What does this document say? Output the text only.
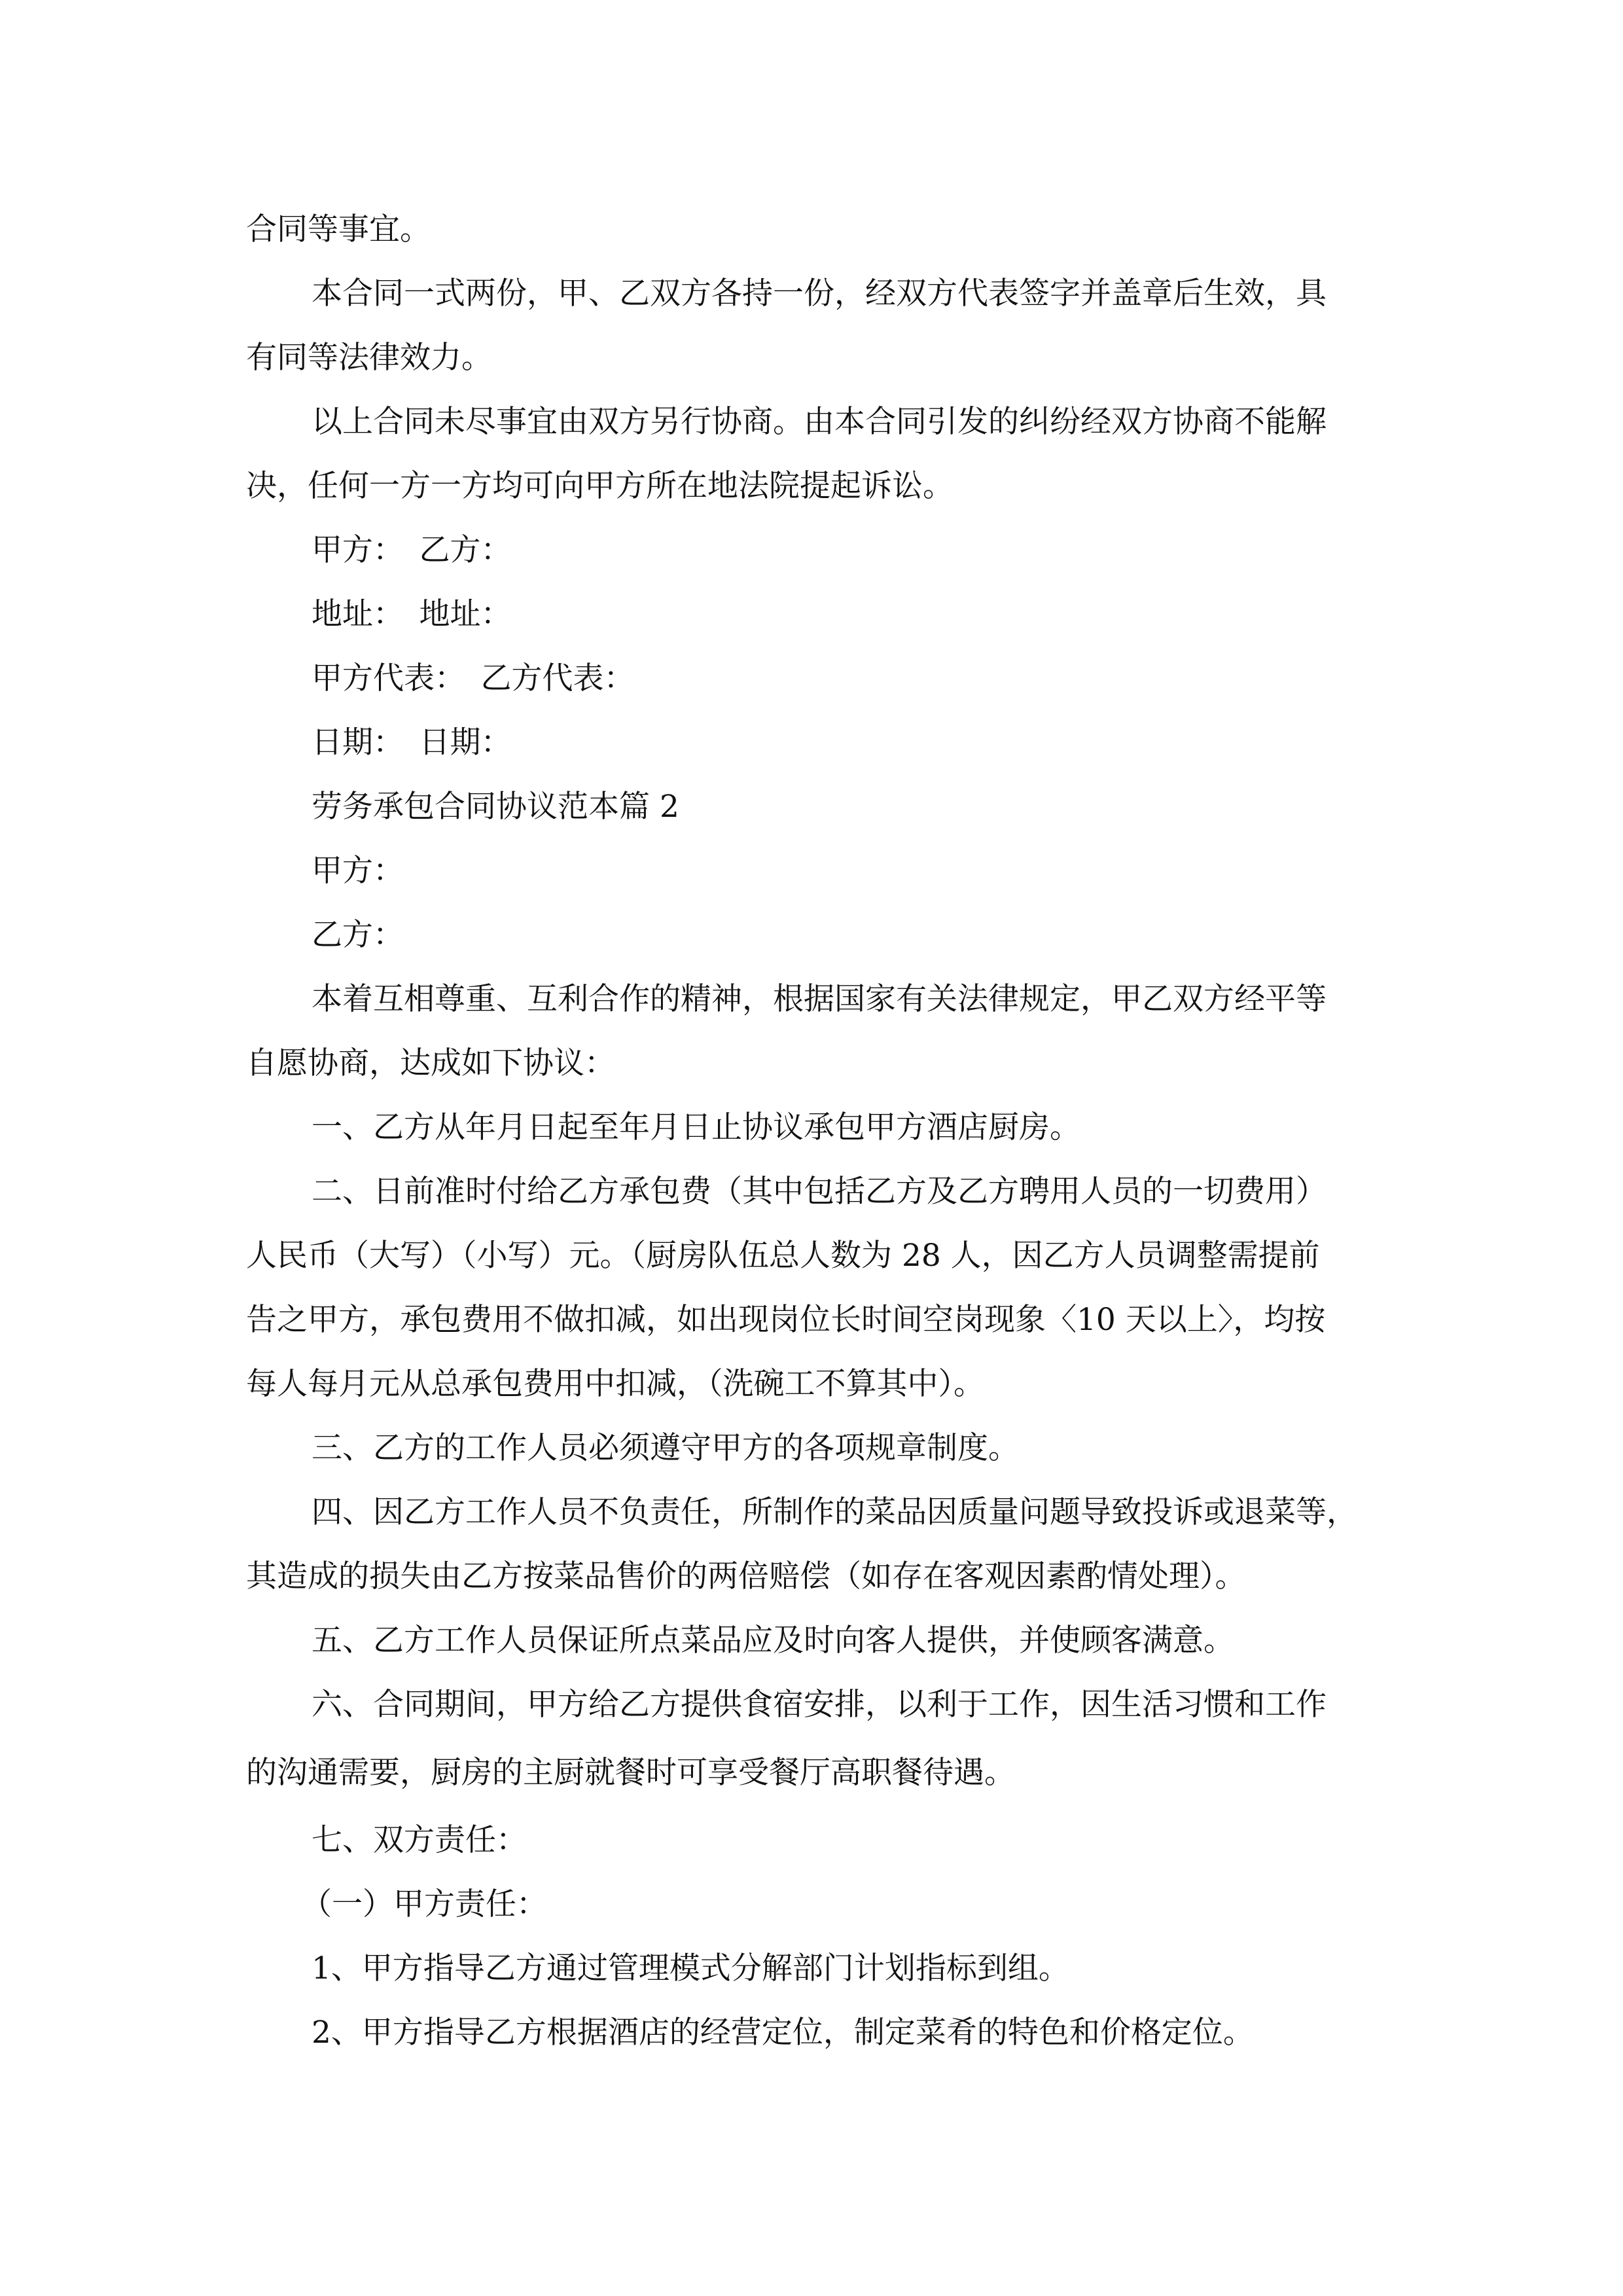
合同等事宜。
本合同一式两份，甲、乙双方各持一份，经双方代表签字并盖章后生效，具
有同等法律效力。
以上合同未尽事宜由双方另行协商。由本合同引发的纠纷经双方协商不能解
决，任何一方一方均可向甲方所在地法院提起诉讼。
甲方：　乙方：
地址：　地址：
甲方代表：　乙方代表：
日期：　日期：
劳务承包合同协议范本篇 2
甲方：
乙方：
本着互相尊重、互利合作的精神，根据国家有关法律规定，甲乙双方经平等
自愿协商，达成如下协议：
一、乙方从年月日起至年月日止协议承包甲方酒店厨房。
二、日前准时付给乙方承包费（其中包括乙方及乙方聘用人员的一切费用）
人民币（大写）（小写）元。（厨房队伍总人数为 28 人，因乙方人员调整需提前
告之甲方，承包费用不做扣减，如出现岗位长时间空岗现象〈10 天以上〉，均按
每人每月元从总承包费用中扣减，（洗碗工不算其中）。
三、乙方的工作人员必须遵守甲方的各项规章制度。
四、因乙方工作人员不负责任，所制作的菜品因质量问题导致投诉或退菜等，
其造成的损失由乙方按菜品售价的两倍赔偿（如存在客观因素酌情处理）。
五、乙方工作人员保证所点菜品应及时向客人提供，并使顾客满意。
六、合同期间，甲方给乙方提供食宿安排，以利于工作，因生活习惯和工作
的沟通需要，厨房的主厨就餐时可享受餐厅高职餐待遇。
七、双方责任：
（一）甲方责任：
1、甲方指导乙方通过管理模式分解部门计划指标到组。
2、甲方指导乙方根据酒店的经营定位，制定菜肴的特色和价格定位。
